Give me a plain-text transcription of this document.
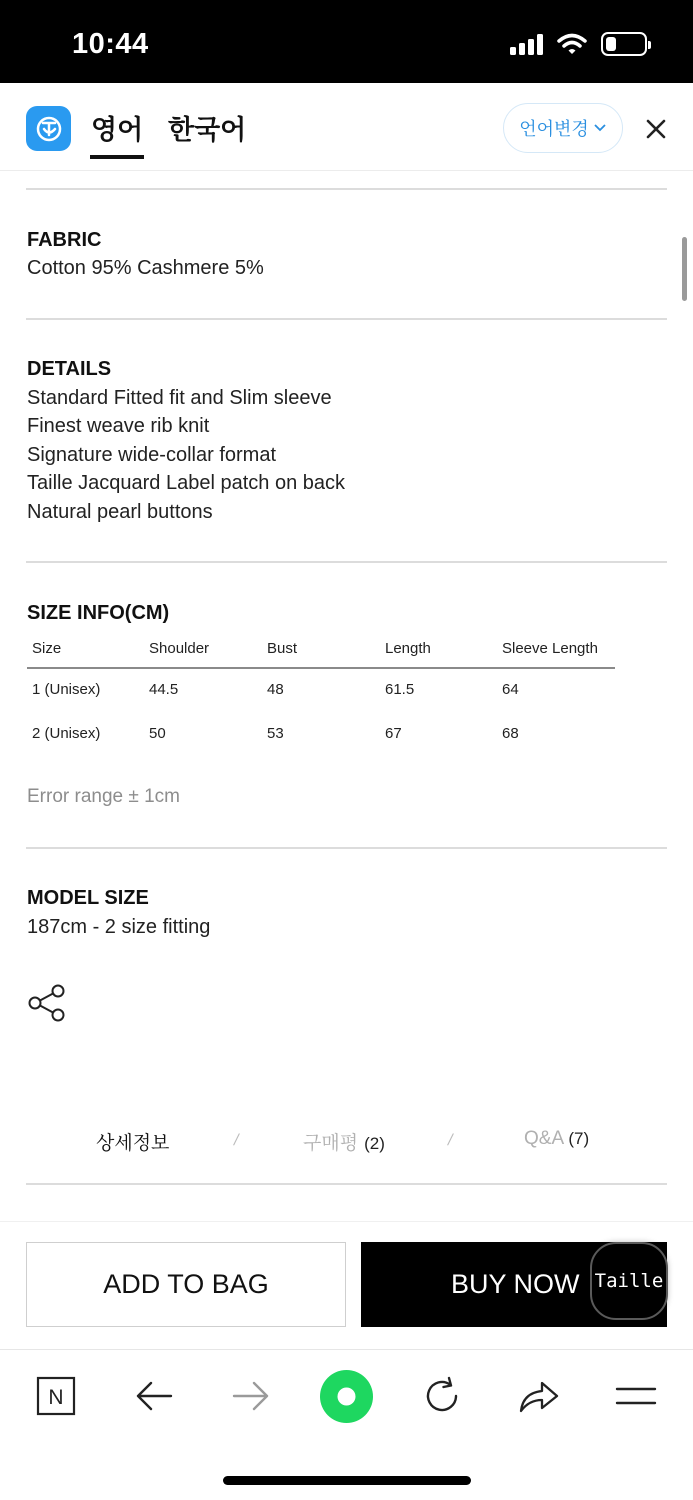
10:44
영어 한국어	언어변경
FABRIC
Cotton 95% Cashmere 5%
DETAILS
Standard Fitted fit and Slim sleeve
Finest weave rib knit
Signature wide-collar format
Taille Jacquard Label patch on back
Natural pearl buttons
SIZE INFO(CM)
Size	Shoulder	Bust	Length	Sleeve Length
1 (Unisex)	44.5	48	61.5	64
2 (Unisex)	50	53	67	68
Error range ± 1cm
MODEL SIZE
187cm - 2 size fitting
상세정보	/	구매평 (2)	/	Q&A (7)
ADD TO BAG	BUY NOW Taille
N
